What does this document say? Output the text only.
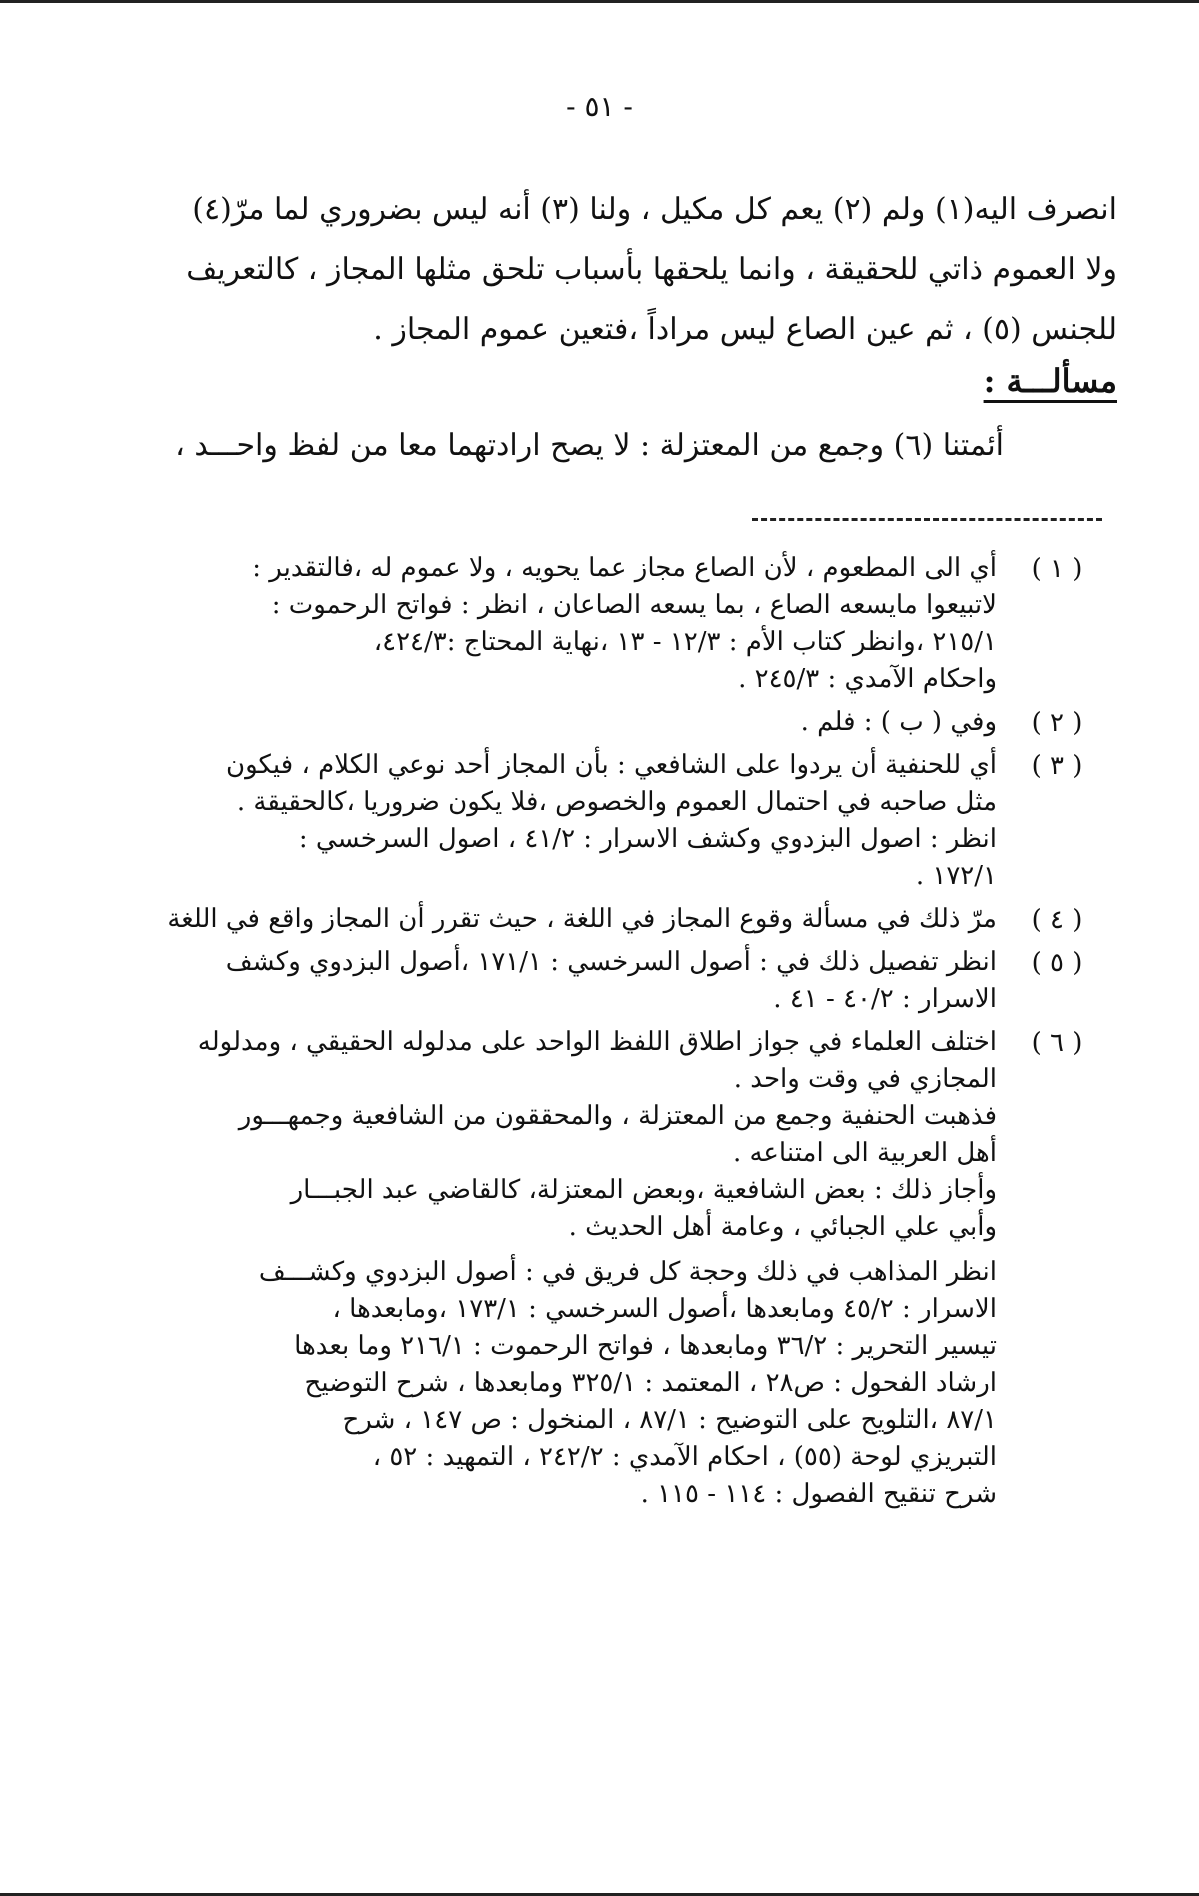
- ٥١ -
انصرف اليه(١) ولم (٢) يعم كل مكيل ، ولنا (٣) أنه ليس بضروري لما مرّ(٤)
ولا العموم ذاتي للحقيقة ، وانما يلحقها بأسباب تلحق مثلها المجاز ، كالتعريف
للجنس (٥) ، ثم عين الصاع ليس مراداً ،فتعين عموم المجاز .
مسألـــة :
أئمتنا (٦) وجمع من المعتزلة : لا يصح ارادتهما معا من لفظ واحـــد ،
( ١ )
أي الى المطعوم ، لأن الصاع مجاز عما يحويه ، ولا عموم له ،فالتقدير :
لاتبيعوا مايسعه الصاع ، بما يسعه الصاعان ، انظر : فواتح الرحموت :
٢١٥/١ ،وانظر كتاب الأم : ١٢/٣ - ١٣ ،نهاية المحتاج :٤٢٤/٣،
واحكام الآمدي : ٢٤٥/٣ .
( ٢ )
وفي ( ب ) : فلم .
( ٣ )
أي للحنفية أن يردوا على الشافعي : بأن المجاز أحد نوعي الكلام ، فيكون
مثل صاحبه في احتمال العموم والخصوص ،فلا يكون ضروريا ،كالحقيقة .
انظر : اصول البزدوي وكشف الاسرار : ٤١/٢ ، اصول السرخسي :
١٧٢/١ .
( ٤ )
مرّ ذلك في مسألة وقوع المجاز في اللغة ، حيث تقرر أن المجاز واقع في اللغة
( ٥ )
انظر تفصيل ذلك في : أصول السرخسي : ١٧١/١ ،أصول البزدوي وكشف
الاسرار : ٤٠/٢ - ٤١ .
( ٦ )
اختلف العلماء في جواز اطلاق اللفظ الواحد على مدلوله الحقيقي ، ومدلوله
المجازي في وقت واحد .
فذهبت الحنفية وجمع من المعتزلة ، والمحققون من الشافعية وجمهـــور
أهل العربية الى امتناعه .
وأجاز ذلك : بعض الشافعية ،وبعض المعتزلة، كالقاضي عبد الجبـــار
وأبي علي الجبائي ، وعامة أهل الحديث .
انظر المذاهب في ذلك وحجة كل فريق في : أصول البزدوي وكشـــف
الاسرار : ٤٥/٢ ومابعدها ،أصول السرخسي : ١٧٣/١ ،ومابعدها ،
تيسير التحرير : ٣٦/٢ ومابعدها ، فواتح الرحموت : ٢١٦/١ وما بعدها
ارشاد الفحول : ص٢٨ ، المعتمد : ٣٢٥/١ ومابعدها ، شرح التوضيح
٨٧/١ ،التلويح على التوضيح : ٨٧/١ ، المنخول : ص ١٤٧ ، شرح
التبريزي لوحة (٥٥) ، احكام الآمدي : ٢٤٢/٢ ، التمهيد : ٥٢ ،
شرح تنقيح الفصول : ١١٤ - ١١٥ .
